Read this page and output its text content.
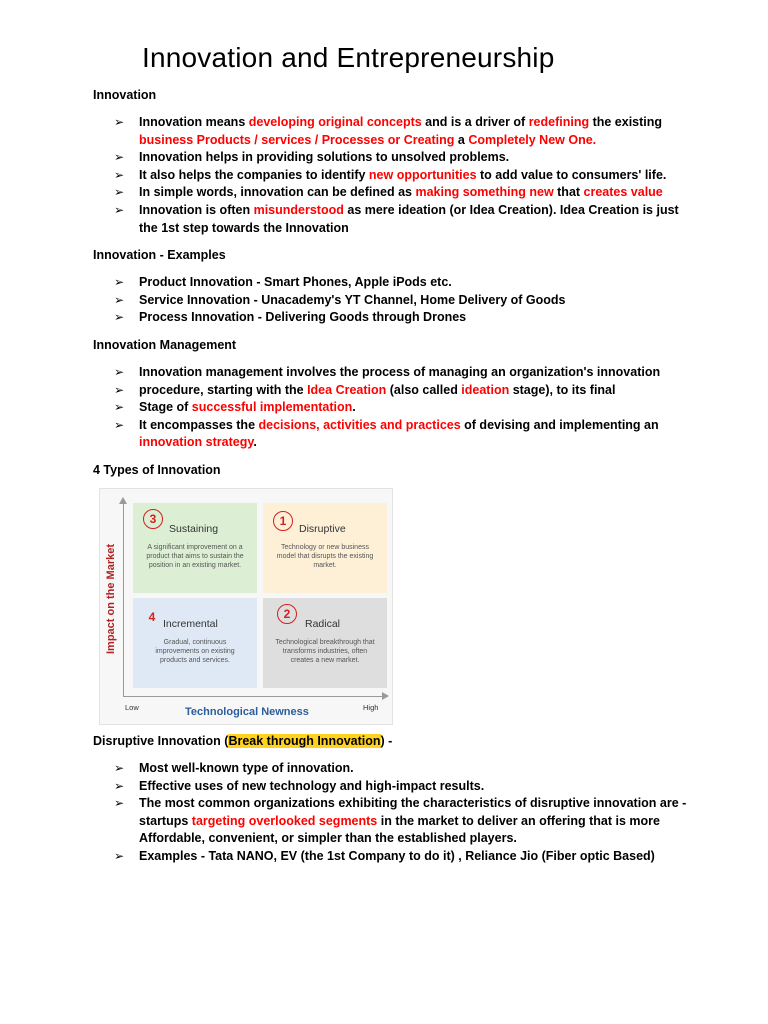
Innovation and Entrepreneurship
Innovation
➢ Innovation means developing original concepts and is a driver of redefining the existing business Products / services / Processes or Creating a Completely New One.
➢ Innovation helps in providing solutions to unsolved problems.
➢ It also helps the companies to identify new opportunities to add value to consumers' life.
➢ In simple words, innovation can be defined as making something new that creates value
➢ Innovation is often misunderstood as mere ideation (or Idea Creation). Idea Creation is just the 1st step towards the Innovation
Innovation - Examples
➢ Product Innovation - Smart Phones, Apple iPods etc.
➢ Service Innovation - Unacademy's YT Channel, Home Delivery of Goods
➢ Process Innovation - Delivering Goods through Drones
Innovation Management
➢ Innovation management involves the process of managing an organization's innovation
➢ procedure, starting with the Idea Creation (also called ideation stage), to its final
➢ Stage of successful implementation.
➢ It encompasses the decisions, activities and practices of devising and implementing an innovation strategy.
4 Types of Innovation
Impact on the Market
3
Sustaining
A significant improvement on a product that aims to sustain the position in an existing market.
1
Disruptive
Technology or new business model that disrupts the existing market.
4 Incremental
Gradual, continuous improvements on existing products and services.
2
Radical
Technological breakthrough that transforms industries, often creates a new market.
Low	Technological Newness	High
Disruptive Innovation (Break through Innovation) -
➢ Most well-known type of innovation.
➢ Effective uses of new technology and high-impact results.
➢ The most common organizations exhibiting the characteristics of disruptive innovation are - startups targeting overlooked segments in the market to deliver an offering that is more Affordable, convenient, or simpler than the established players.
➢ Examples - Tata NANO, EV (the 1st Company to do it) , Reliance Jio (Fiber optic Based)
